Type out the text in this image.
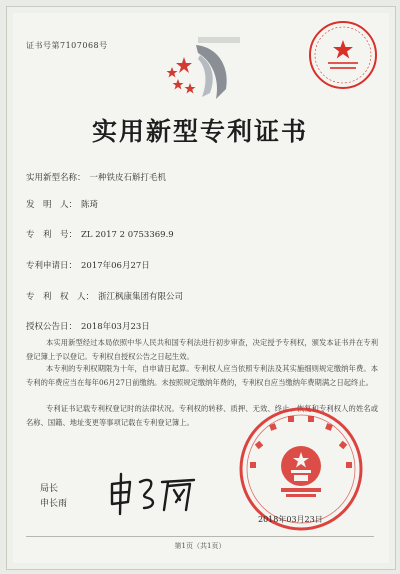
证书号第7107068号
实用新型专利证书
实用新型名称： 一种铁皮石斛打毛机
发　明　人： 陈琦
专　利　号： ZL 2017 2 0753369.9
专利申请日： 2017年06月27日
专　利　权　人： 浙江枫康集团有限公司
授权公告日： 2018年03月23日
本实用新型经过本局依照中华人民共和国专利法进行初步审查，决定授予专利权，颁发本证书并在专利登记簿上予以登记。专利权自授权公告之日起生效。
本专利的专利权期限为十年，自申请日起算。专利权人应当依照专利法及其实施细则规定缴纳年费。本专利的年费应当在每年06月27日前缴纳。未按照规定缴纳年费的，专利权自应当缴纳年费期满之日起终止。
专利证书记载专利权登记时的法律状况。专利权的转移、质押、无效、终止、恢复和专利权人的姓名或名称、国籍、地址变更等事项记载在专利登记簿上。
局长
申长雨
2018年03月23日
第1页（共1页）
